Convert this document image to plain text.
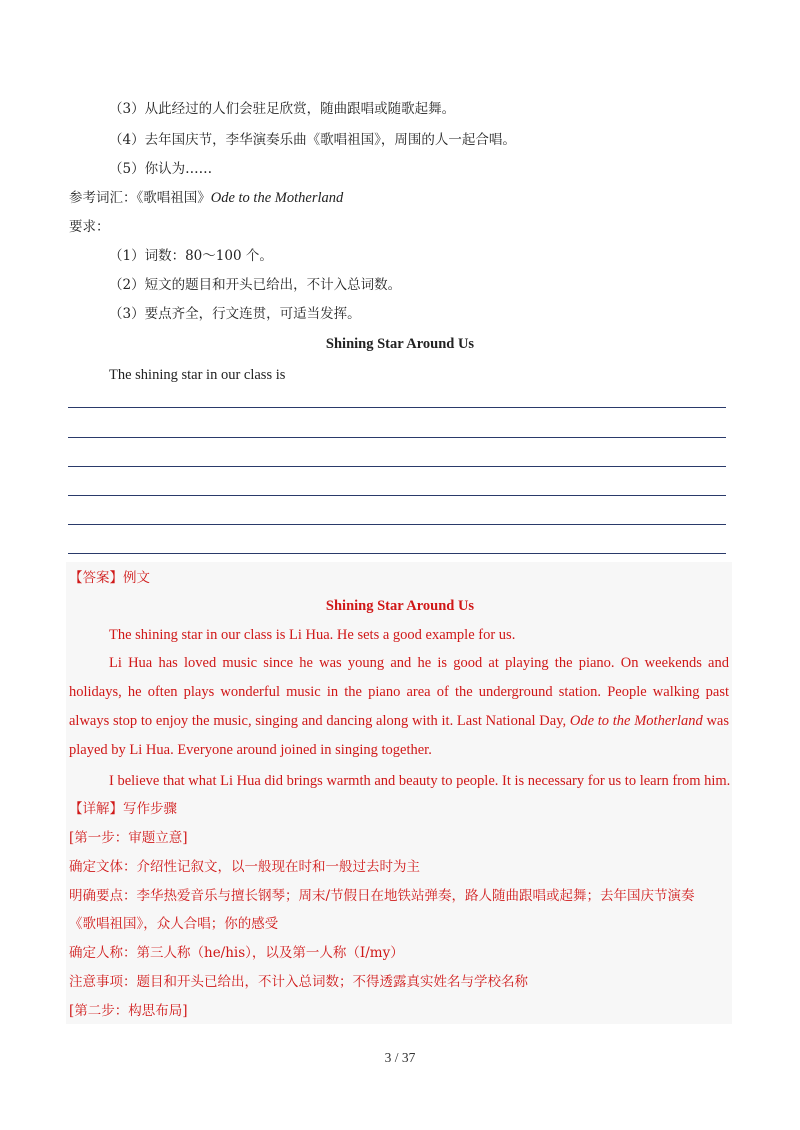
（3）从此经过的人们会驻足欣赏，随曲跟唱或随歌起舞。
（4）去年国庆节，李华演奏乐曲《歌唱祖国》，周围的人一起合唱。
（5）你认为……
参考词汇：《歌唱祖国》Ode to the Motherland
要求：
（1）词数：80～100 个。
（2）短文的题目和开头已给出，不计入总词数。
（3）要点齐全，行文连贯，可适当发挥。
Shining Star Around Us
The shining star in our class is
【答案】例文
Shining Star Around Us
The shining star in our class is Li Hua. He sets a good example for us.
Li Hua has loved music since he was young and he is good at playing the piano. On weekends and holidays, he often plays wonderful music in the piano area of the underground station. People walking past always stop to enjoy the music, singing and dancing along with it. Last National Day, Ode to the Motherland was played by Li Hua. Everyone around joined in singing together.
I believe that what Li Hua did brings warmth and beauty to people. It is necessary for us to learn from him.
【详解】写作步骤
[第一步：审题立意]
确定文体：介绍性记叙文，以一般现在时和一般过去时为主
明确要点：李华热爱音乐与擅长钢琴；周末/节假日在地铁站弹奏，路人随曲跟唱或起舞；去年国庆节演奏
《歌唱祖国》，众人合唱；你的感受
确定人称：第三人称（he/his），以及第一人称（I/my）
注意事项：题目和开头已给出，不计入总词数；不得透露真实姓名与学校名称
[第二步：构思布局]
3 / 37
